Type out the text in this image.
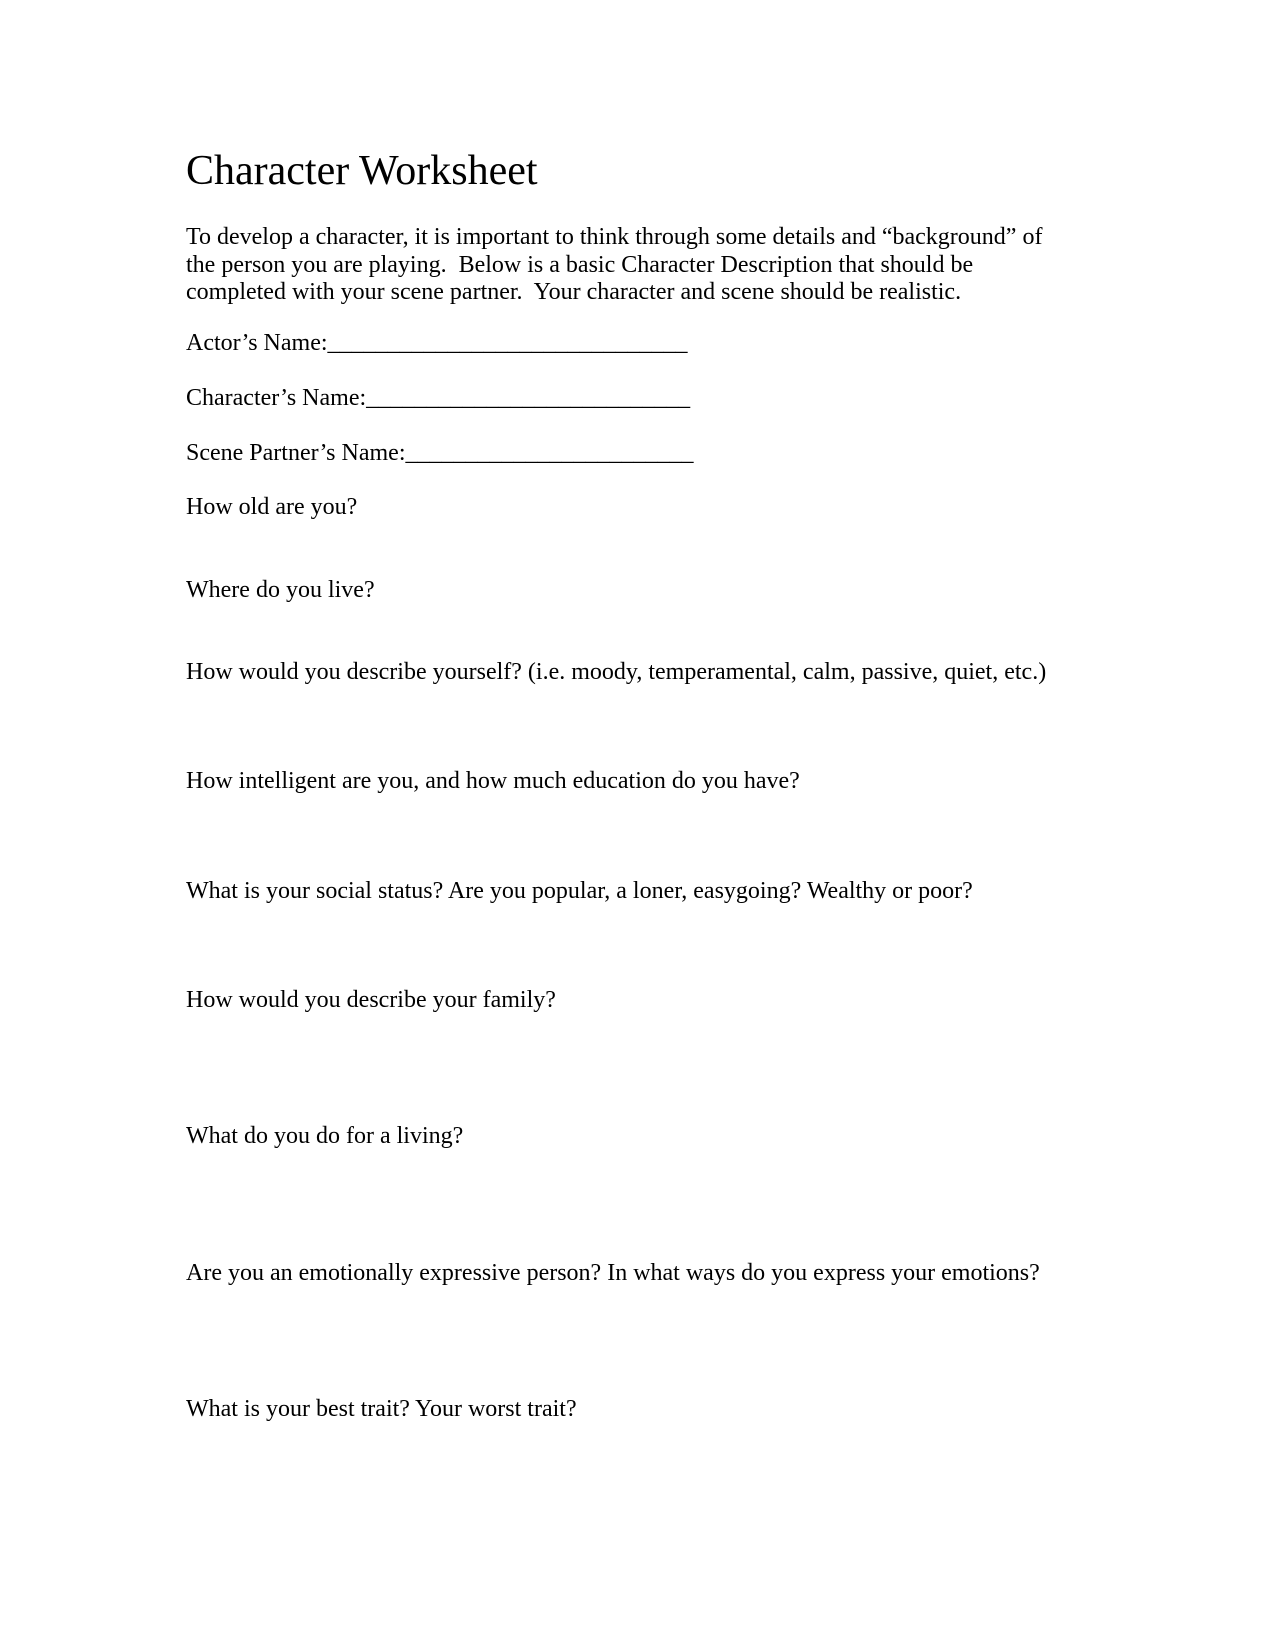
Character Worksheet
To develop a character, it is important to think through some details and “background” of
the person you are playing.  Below is a basic Character Description that should be
completed with your scene partner.  Your character and scene should be realistic.
Actor’s Name:______________________________
Character’s Name:___________________________
Scene Partner’s Name:________________________
How old are you?
Where do you live?
How would you describe yourself? (i.e. moody, temperamental, calm, passive, quiet, etc.)
How intelligent are you, and how much education do you have?
What is your social status? Are you popular, a loner, easygoing? Wealthy or poor?
How would you describe your family?
What do you do for a living?
Are you an emotionally expressive person? In what ways do you express your emotions?
What is your best trait? Your worst trait?
